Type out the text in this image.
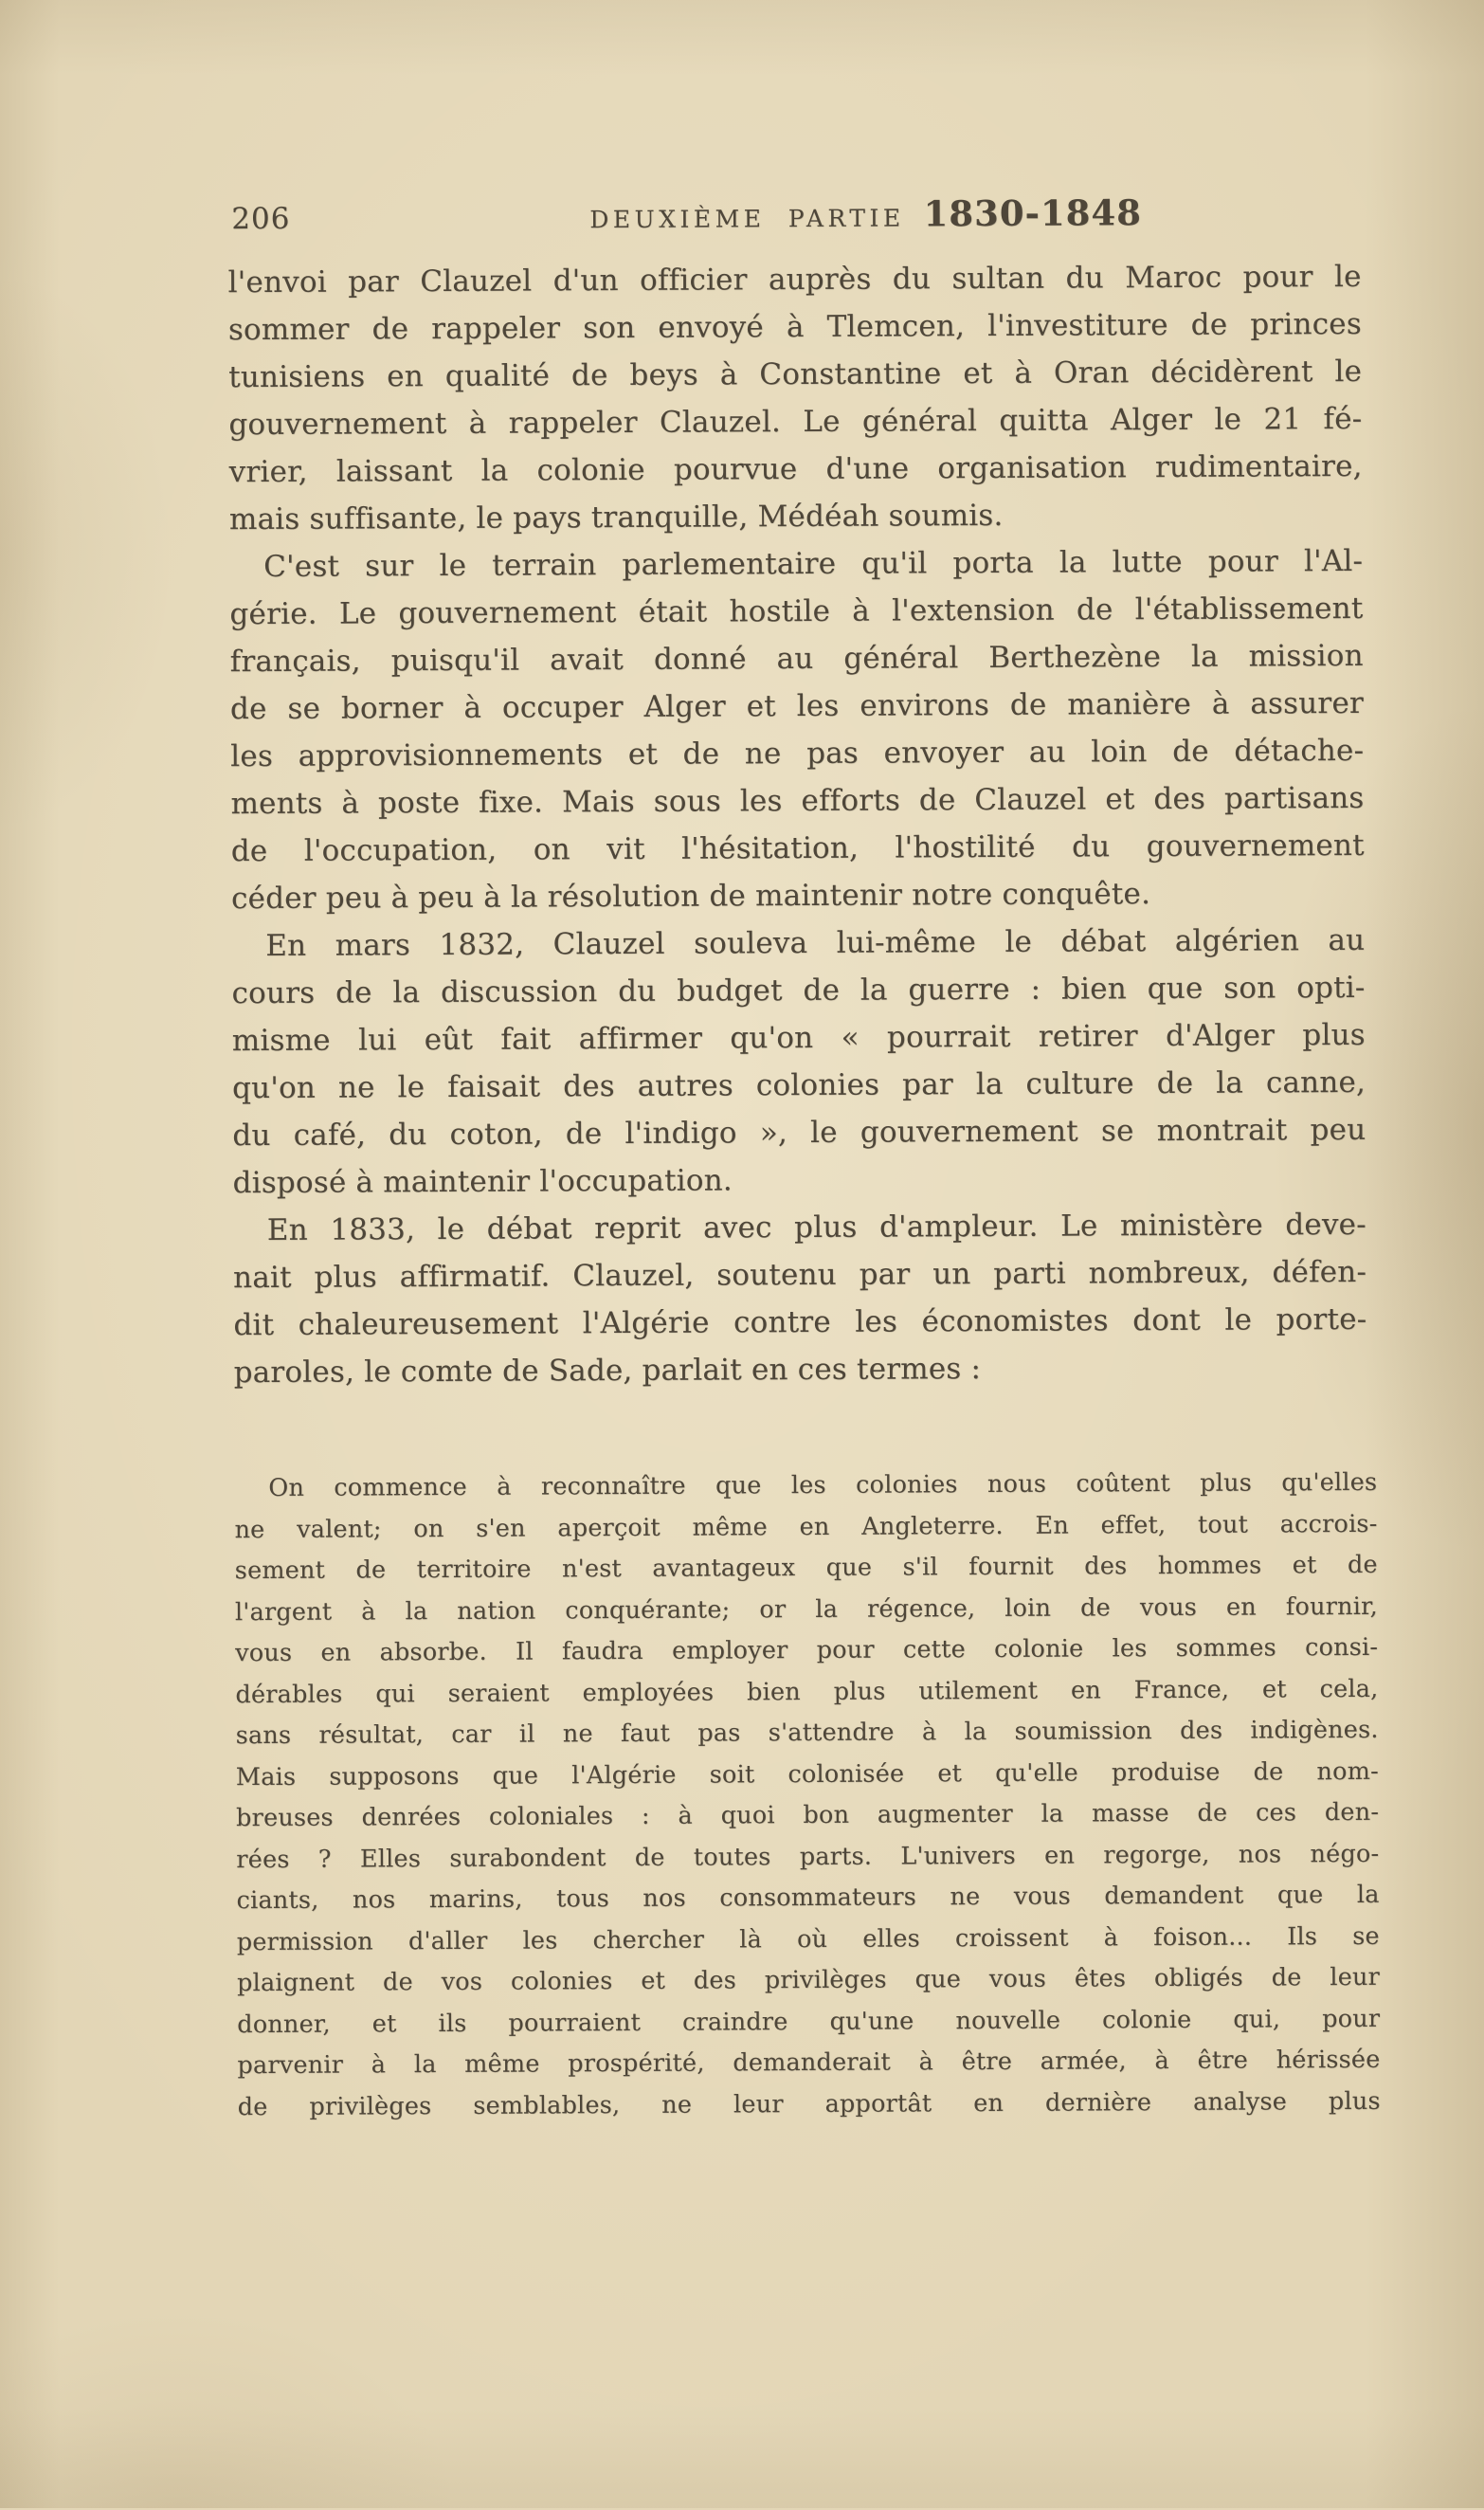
206	DEUXIÈME PARTIE 1830-1848
l'envoi par Clauzel d'un officier auprès du sultan du Maroc pour le
sommer de rappeler son envoyé à Tlemcen, l'investiture de princes
tunisiens en qualité de beys à Constantine et à Oran décidèrent le
gouvernement à rappeler Clauzel. Le général quitta Alger le 21 fé-
vrier, laissant la colonie pourvue d'une organisation rudimentaire,
mais suffisante, le pays tranquille, Médéah soumis.
C'est sur le terrain parlementaire qu'il porta la lutte pour l'Al-
gérie. Le gouvernement était hostile à l'extension de l'établissement
français, puisqu'il avait donné au général Berthezène la mission
de se borner à occuper Alger et les environs de manière à assurer
les approvisionnements et de ne pas envoyer au loin de détache-
ments à poste fixe. Mais sous les efforts de Clauzel et des partisans
de l'occupation, on vit l'hésitation, l'hostilité du gouvernement
céder peu à peu à la résolution de maintenir notre conquête.
En mars 1832, Clauzel souleva lui-même le débat algérien au
cours de la discussion du budget de la guerre : bien que son opti-
misme lui eût fait affirmer qu'on « pourrait retirer d'Alger plus
qu'on ne le faisait des autres colonies par la culture de la canne,
du café, du coton, de l'indigo », le gouvernement se montrait peu
disposé à maintenir l'occupation.
En 1833, le débat reprit avec plus d'ampleur. Le ministère deve-
nait plus affirmatif. Clauzel, soutenu par un parti nombreux, défen-
dit chaleureusement l'Algérie contre les économistes dont le porte-
paroles, le comte de Sade, parlait en ces termes :
On commence à reconnaître que les colonies nous coûtent plus qu'elles
ne valent; on s'en aperçoit même en Angleterre. En effet, tout accrois-
sement de territoire n'est avantageux que s'il fournit des hommes et de
l'argent à la nation conquérante; or la régence, loin de vous en fournir,
vous en absorbe. Il faudra employer pour cette colonie les sommes consi-
dérables qui seraient employées bien plus utilement en France, et cela,
sans résultat, car il ne faut pas s'attendre à la soumission des indigènes.
Mais supposons que l'Algérie soit colonisée et qu'elle produise de nom-
breuses denrées coloniales : à quoi bon augmenter la masse de ces den-
rées ? Elles surabondent de toutes parts. L'univers en regorge, nos négo-
ciants, nos marins, tous nos consommateurs ne vous demandent que la
permission d'aller les chercher là où elles croissent à foison... Ils se
plaignent de vos colonies et des privilèges que vous êtes obligés de leur
donner, et ils pourraient craindre qu'une nouvelle colonie qui, pour
parvenir à la même prospérité, demanderait à être armée, à être hérissée
de privilèges semblables, ne leur apportât en dernière analyse plus
